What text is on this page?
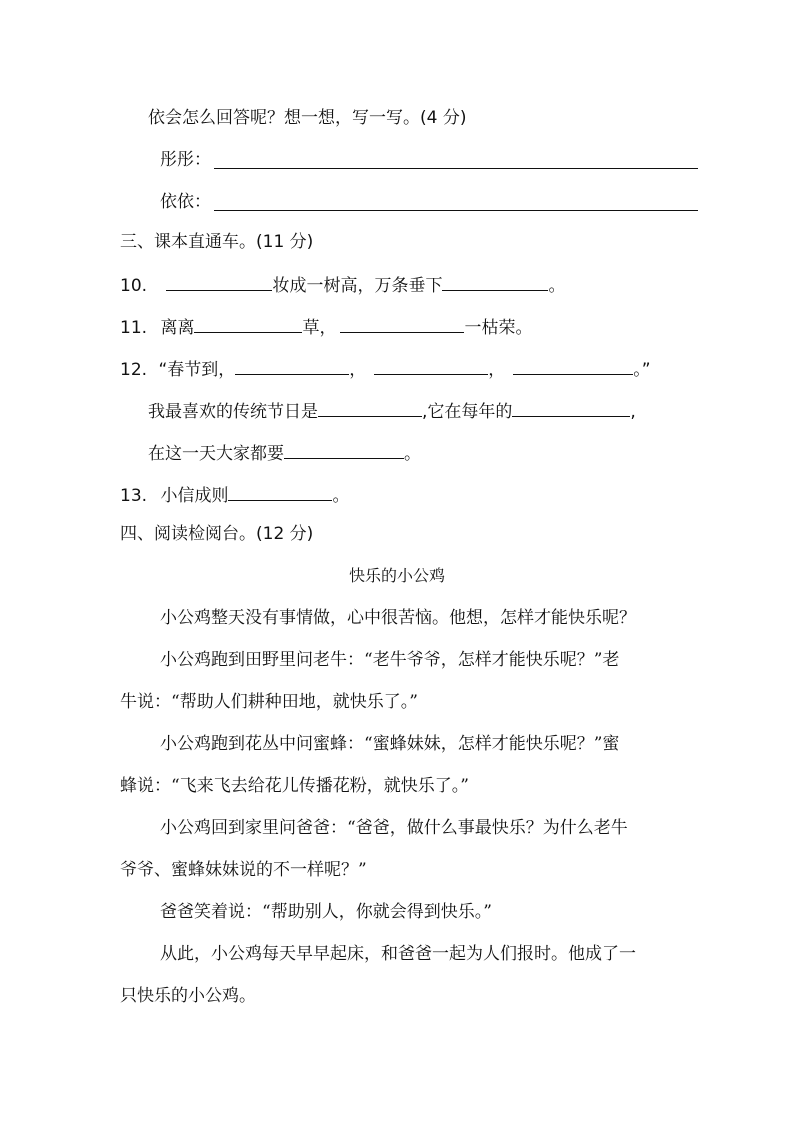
依会怎么回答呢？想一想，写一写。(4 分)
彤彤：
依依：
三、课本直通车。(11 分)
10.	妆成一树高，万条垂下	。
11. 离离	草，	一枯荣。
12. “春节到，	，	，	。”
我最喜欢的传统节日是	,它在每年的	,
在这一天大家都要	。
13. 小信成则	。
四、阅读检阅台。(12 分)
快乐的小公鸡
小公鸡整天没有事情做，心中很苦恼。他想，怎样才能快乐呢？
小公鸡跑到田野里问老牛：“老牛爷爷，怎样才能快乐呢？”老
牛说：“帮助人们耕种田地，就快乐了。”
小公鸡跑到花丛中问蜜蜂：“蜜蜂妹妹，怎样才能快乐呢？”蜜
蜂说：“飞来飞去给花儿传播花粉，就快乐了。”
小公鸡回到家里问爸爸：“爸爸，做什么事最快乐？为什么老牛
爷爷、蜜蜂妹妹说的不一样呢？”
爸爸笑着说：“帮助别人，你就会得到快乐。”
从此，小公鸡每天早早起床，和爸爸一起为人们报时。他成了一
只快乐的小公鸡。
